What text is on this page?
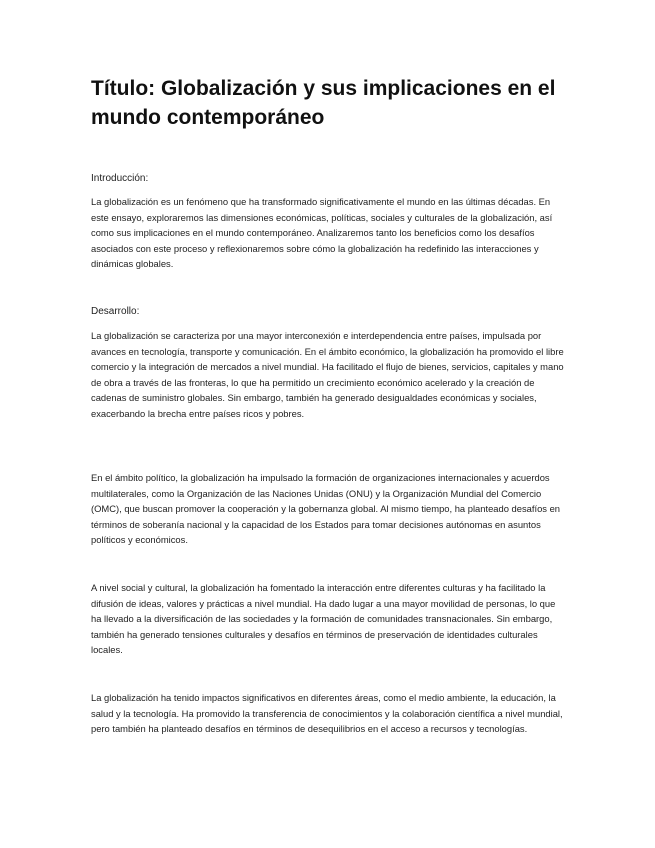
Título: Globalización y sus implicaciones en el mundo contemporáneo

Introducción:

La globalización es un fenómeno que ha transformado significativamente el mundo en las últimas décadas. En este ensayo, exploraremos las dimensiones económicas, políticas, sociales y culturales de la globalización, así como sus implicaciones en el mundo contemporáneo. Analizaremos tanto los beneficios como los desafíos asociados con este proceso y reflexionaremos sobre cómo la globalización ha redefinido las interacciones y dinámicas globales.

Desarrollo:

La globalización se caracteriza por una mayor interconexión e interdependencia entre países, impulsada por avances en tecnología, transporte y comunicación. En el ámbito económico, la globalización ha promovido el libre comercio y la integración de mercados a nivel mundial. Ha facilitado el flujo de bienes, servicios, capitales y mano de obra a través de las fronteras, lo que ha permitido un crecimiento económico acelerado y la creación de cadenas de suministro globales. Sin embargo, también ha generado desigualdades económicas y sociales, exacerbando la brecha entre países ricos y pobres.

En el ámbito político, la globalización ha impulsado la formación de organizaciones internacionales y acuerdos multilaterales, como la Organización de las Naciones Unidas (ONU) y la Organización Mundial del Comercio (OMC), que buscan promover la cooperación y la gobernanza global. Al mismo tiempo, ha planteado desafíos en términos de soberanía nacional y la capacidad de los Estados para tomar decisiones autónomas en asuntos políticos y económicos.

A nivel social y cultural, la globalización ha fomentado la interacción entre diferentes culturas y ha facilitado la difusión de ideas, valores y prácticas a nivel mundial. Ha dado lugar a una mayor movilidad de personas, lo que ha llevado a la diversificación de las sociedades y la formación de comunidades transnacionales. Sin embargo, también ha generado tensiones culturales y desafíos en términos de preservación de identidades culturales locales.

La globalización ha tenido impactos significativos en diferentes áreas, como el medio ambiente, la educación, la salud y la tecnología. Ha promovido la transferencia de conocimientos y la colaboración científica a nivel mundial, pero también ha planteado desafíos en términos de desequilibrios en el acceso a recursos y tecnologías.
